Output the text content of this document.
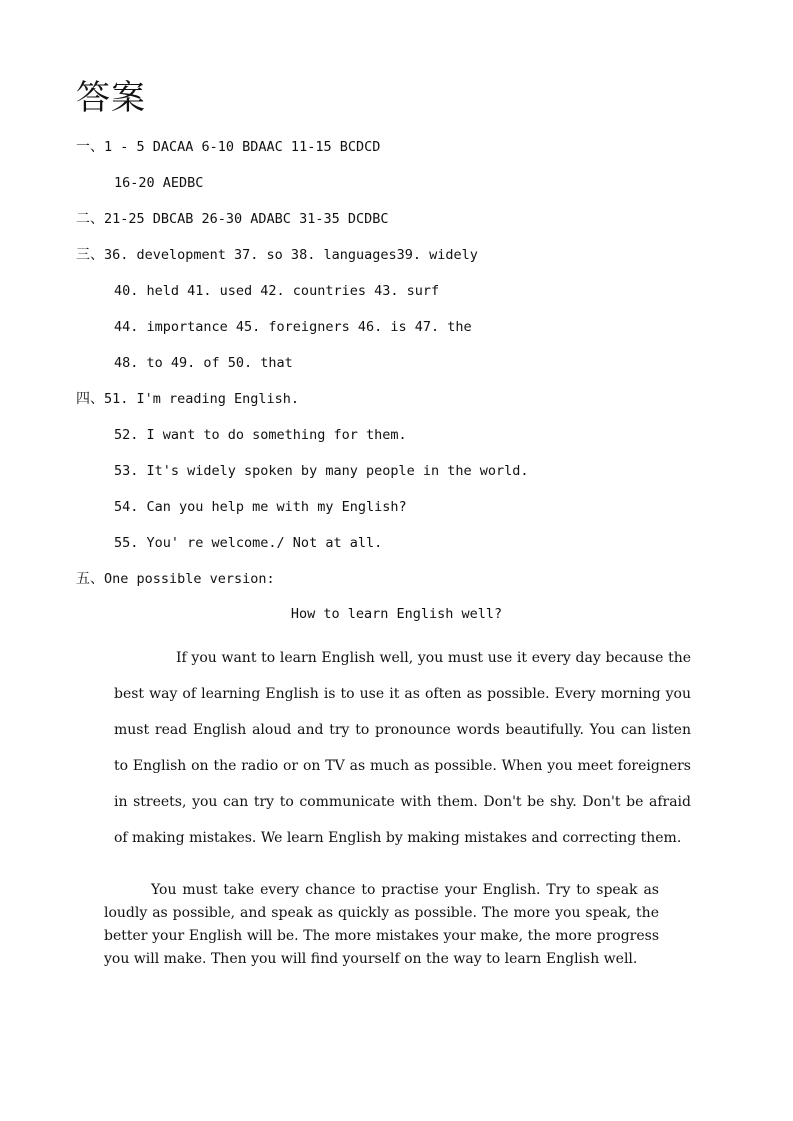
答案
一、1 - 5 DACAA 6-10 BDAAC 11-15 BCDCD
16-20 AEDBC
二、21-25 DBCAB 26-30 ADABC 31-35 DCDBC
三、36. development 37. so 38. languages39. widely
40. held 41. used 42. countries 43. surf
44. importance 45. foreigners 46. is 47. the
48. to 49. of 50. that
四、51. I'm reading English.
52. I want to do something for them.
53. It's widely spoken by many people in the world.
54. Can you help me with my English?
55. You' re welcome./ Not at all.
五、One possible version:
How to learn English well?
If you want to learn English well, you must use it every day because the best way of learning English is to use it as often as possible. Every morning you must read English aloud and try to pronounce words beautifully. You can listen to English on the radio or on TV as much as possible. When you meet foreigners in streets, you can try to communicate with them. Don't be shy. Don't be afraid of making mistakes. We learn English by making mistakes and correcting them.
You must take every chance to practise your English. Try to speak as loudly as possible, and speak as quickly as possible. The more you speak, the better your English will be. The more mistakes your make, the more progress you will make. Then you will find yourself on the way to learn English well.
